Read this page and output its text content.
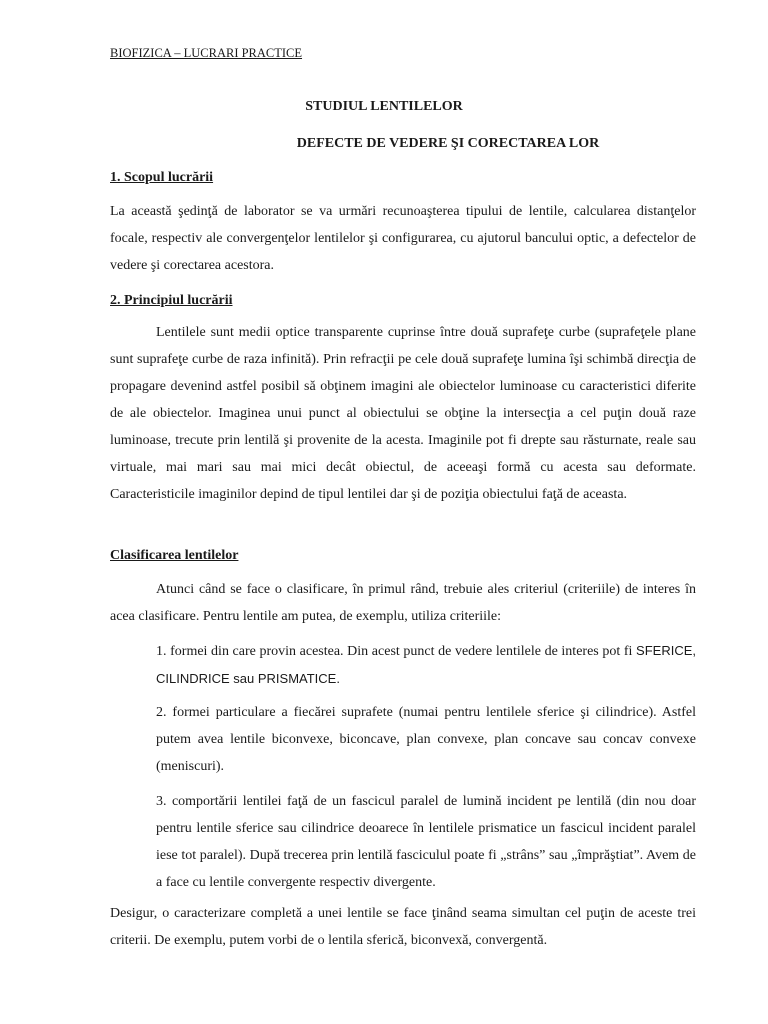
BIOFIZICA – LUCRARI PRACTICE
STUDIUL LENTILELOR
DEFECTE DE VEDERE ŞI CORECTAREA LOR
1. Scopul lucrării

La această şedinţă de laborator se va urmări recunoaşterea tipului de lentile, calcularea distanţelor focale, respectiv ale convergenţelor lentilelor şi configurarea, cu ajutorul bancului optic, a defectelor de vedere şi corectarea acestora.

2. Principiul lucrării

Lentilele sunt medii optice transparente cuprinse între două suprafeţe curbe (suprafeţele plane sunt suprafeţe curbe de raza infinită). Prin refracţii pe cele două suprafeţe lumina îşi schimbă direcţia de propagare devenind astfel posibil să obţinem imagini ale obiectelor luminoase cu caracteristici diferite de ale obiectelor. Imaginea unui punct al obiectului se obţine la intersecţia a cel puţin două raze luminoase, trecute prin lentilă şi provenite de la acesta. Imaginile pot fi drepte sau răsturnate, reale sau virtuale, mai mari sau mai mici decât obiectul, de aceeaşi formă cu acesta sau deformate. Caracteristicile imaginilor depind de tipul lentilei dar şi de poziţia obiectului faţă de aceasta.

Clasificarea lentilelor

Atunci când se face o clasificare, în primul rând, trebuie ales criteriul (criteriile) de interes în acea clasificare. Pentru lentile am putea, de exemplu, utiliza criteriile:

1. formei din care provin acestea. Din acest punct de vedere lentilele de interes pot fi SFERICE, CILINDRICE sau PRISMATICE.

2. formei particulare a fiecărei suprafete (numai pentru lentilele sferice şi cilindrice). Astfel putem avea lentile biconvexe, biconcave, plan convexe, plan concave sau concav convexe (meniscuri).

3. comportării lentilei faţă de un fascicul paralel de lumină incident pe lentilă (din nou doar pentru lentile sferice sau cilindrice deoarece în lentilele prismatice un fascicul incident paralel iese tot paralel). După trecerea prin lentilă fasciculul poate fi „strâns” sau „împrăştiat”. Avem de a face cu lentile convergente respectiv divergente.

Desigur, o caracterizare completă a unei lentile se face ţinând seama simultan cel puţin de aceste trei criterii. De exemplu, putem vorbi de o lentila sferică, biconvexă, convergentă.
